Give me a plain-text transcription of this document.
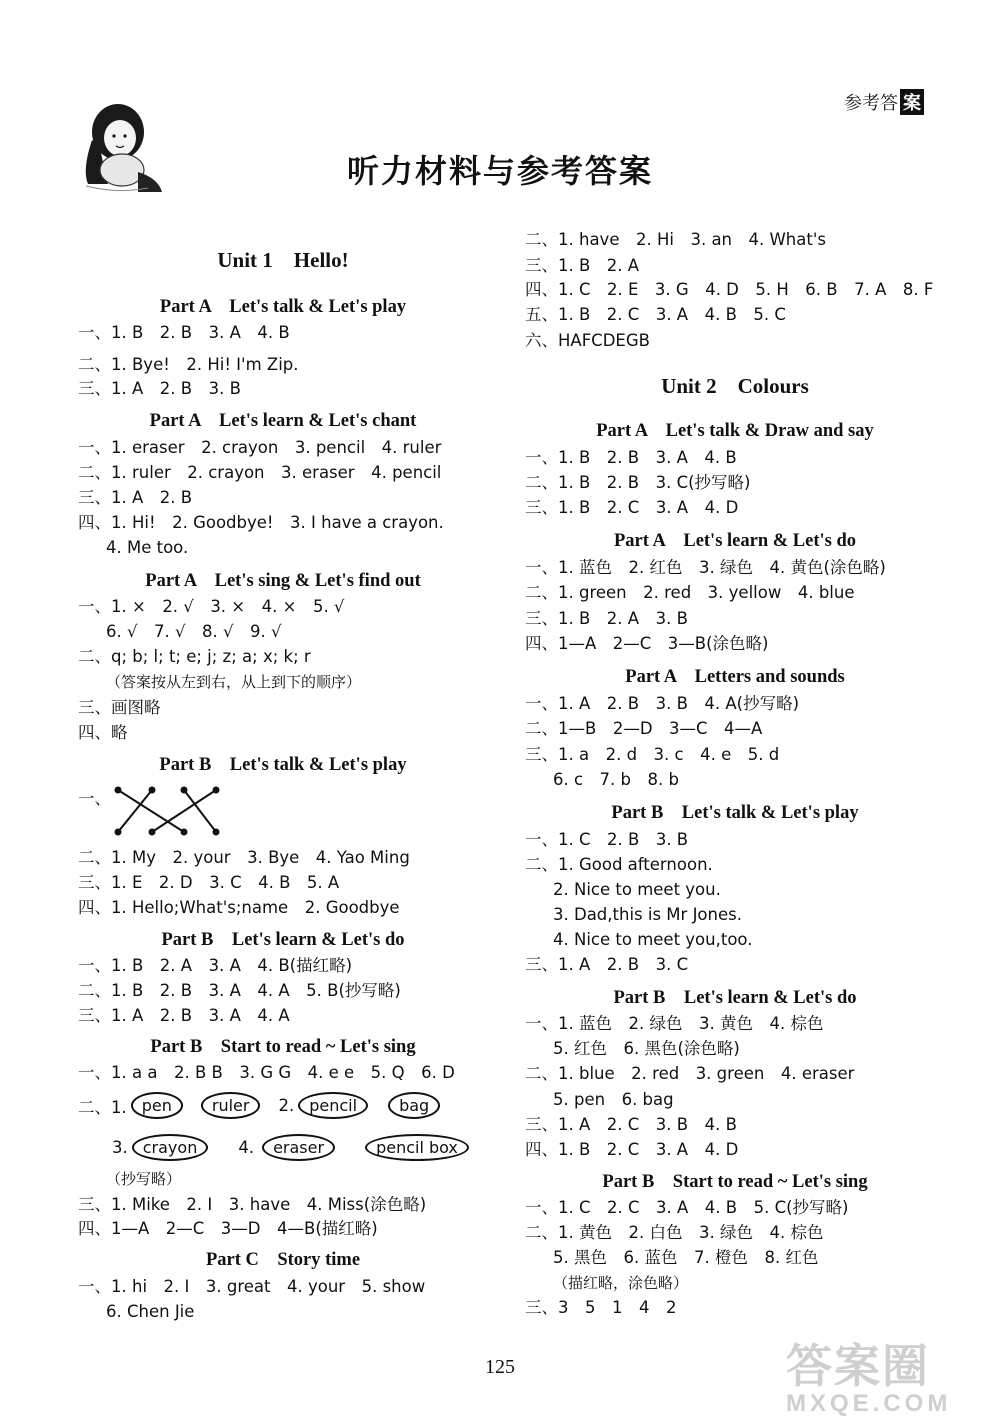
参考答 案
听力材料与参考答案
Unit 1　Hello!
Part A　Let's talk & Let's play
一、1. B　2. B　3. A　4. B
二、1. Bye!　2. Hi! I'm Zip.
三、1. A　2. B　3. B
Part A　Let's learn & Let's chant
一、1. eraser　2. crayon　3. pencil　4. ruler
二、1. ruler　2. crayon　3. eraser　4. pencil
三、1. A　2. B
四、1. Hi!　2. Goodbye!　3. I have a crayon.
4. Me too.
Part A　Let's sing & Let's find out
一、1. ×　2. √　3. ×　4. ×　5. √
6. √　7. √　8. √　9. √
二、q; b; l; t; e; j; z; a; x; k; r
（答案按从左到右，从上到下的顺序）
三、画图略
四、略
Part B　Let's talk & Let's play
一、
二、1. My　2. your　3. Bye　4. Yao Ming
三、1. E　2. D　3. C　4. B　5. A
四、1. Hello;What's;name　2. Goodbye
Part B　Let's learn & Let's do
一、1. B　2. A　3. A　4. B(描红略)
二、1. B　2. B　3. A　4. A　5. B(抄写略)
三、1. A　2. B　3. A　4. A
Part B　Start to read ~ Let's sing
一、1. a a　2. B B　3. G G　4. e e　5. Q　6. D
二、1. pen	ruler	2. pencil	bag
3. crayon	4.	eraser	pencil box
（抄写略）
三、1. Mike　2. I　3. have　4. Miss(涂色略)
四、1—A　2—C　3—D　4—B(描红略)
Part C　Story time
一、1. hi　2. I　3. great　4. your　5. show
6. Chen Jie
二、1. have　2. Hi　3. an　4. What's
三、1. B　2. A
四、1. C　2. E　3. G　4. D　5. H　6. B　7. A　8. F
五、1. B　2. C　3. A　4. B　5. C
六、HAFCDEGB
Unit 2　Colours
Part A　Let's talk & Draw and say
一、1. B　2. B　3. A　4. B
二、1. B　2. B　3. C(抄写略)
三、1. B　2. C　3. A　4. D
Part A　Let's learn & Let's do
一、1. 蓝色　2. 红色　3. 绿色　4. 黄色(涂色略)
二、1. green　2. red　3. yellow　4. blue
三、1. B　2. A　3. B
四、1—A　2—C　3—B(涂色略)
Part A　Letters and sounds
一、1. A　2. B　3. B　4. A(抄写略)
二、1—B　2—D　3—C　4—A
三、1. a　2. d　3. c　4. e　5. d
6. c　7. b　8. b
Part B　Let's talk & Let's play
一、1. C　2. B　3. B
二、1. Good afternoon.
2. Nice to meet you.
3. Dad,this is Mr Jones.
4. Nice to meet you,too.
三、1. A　2. B　3. C
Part B　Let's learn & Let's do
一、1. 蓝色　2. 绿色　3. 黄色　4. 棕色
5. 红色　6. 黑色(涂色略)
二、1. blue　2. red　3. green　4. eraser
5. pen　6. bag
三、1. A　2. C　3. B　4. B
四、1. B　2. C　3. A　4. D
Part B　Start to read ~ Let's sing
一、1. C　2. C　3. A　4. B　5. C(抄写略)
二、1. 黄色　2. 白色　3. 绿色　4. 棕色
5. 黑色　6. 蓝色　7. 橙色　8. 红色
（描红略，涂色略）
三、3　5　1　4　2
125	答案圈
MXQE.COM
